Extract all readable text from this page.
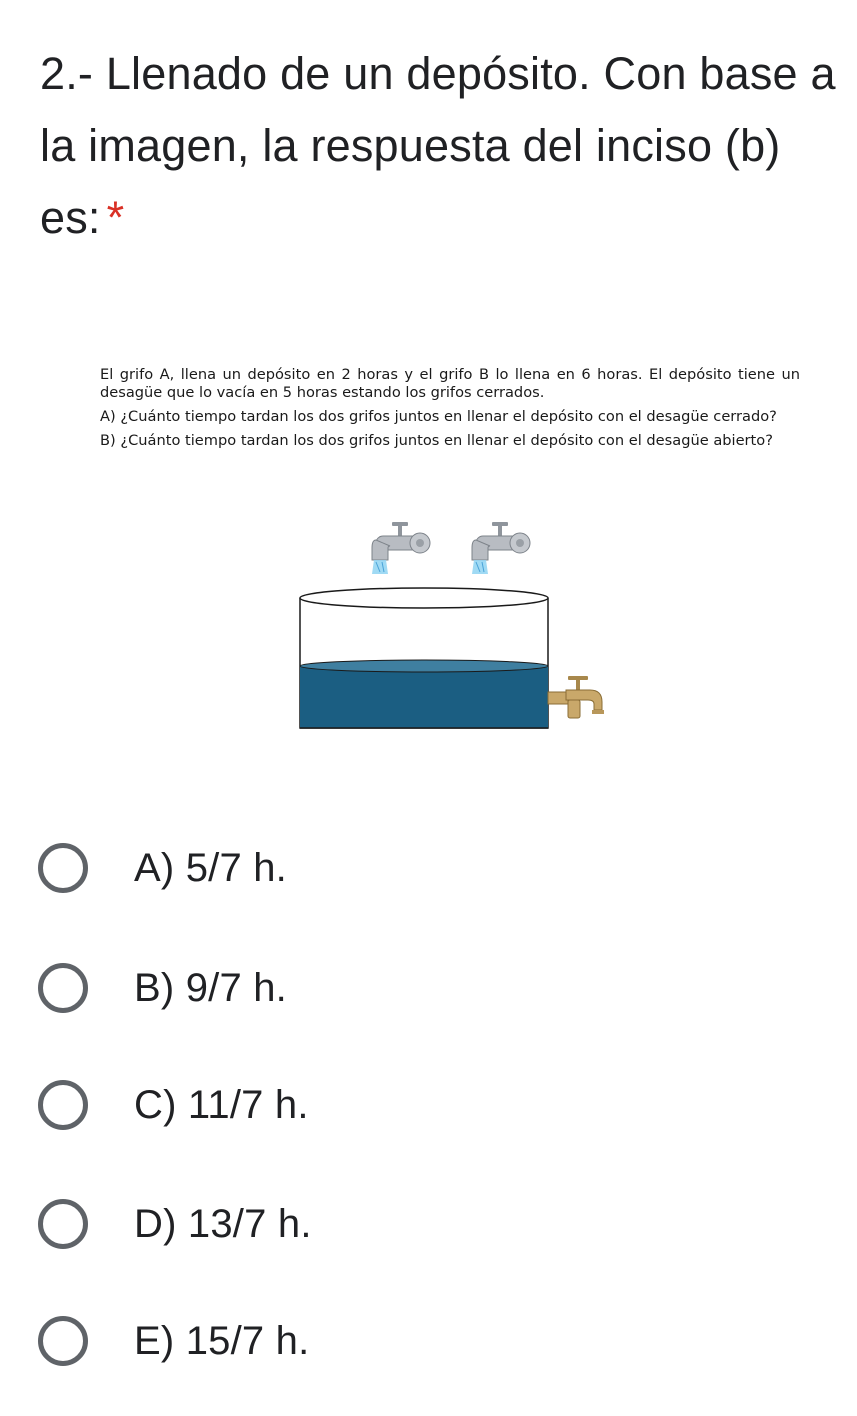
2.- Llenado de un depósito. Con base a la imagen, la respuesta del inciso (b) es: *

El grifo A, llena un depósito en 2 horas y el grifo B lo llena en 6 horas. El depósito tiene un desagüe que lo vacía en 5 horas estando los grifos cerrados.

A) ¿Cuánto tiempo tardan los dos grifos juntos en llenar el depósito con el desagüe cerrado?

B) ¿Cuánto tiempo tardan los dos grifos juntos en llenar el depósito con el desagüe abierto?

A) 5/7 h.
B) 9/7 h.
C) 11/7 h.
D) 13/7 h.
E) 15/7 h.
